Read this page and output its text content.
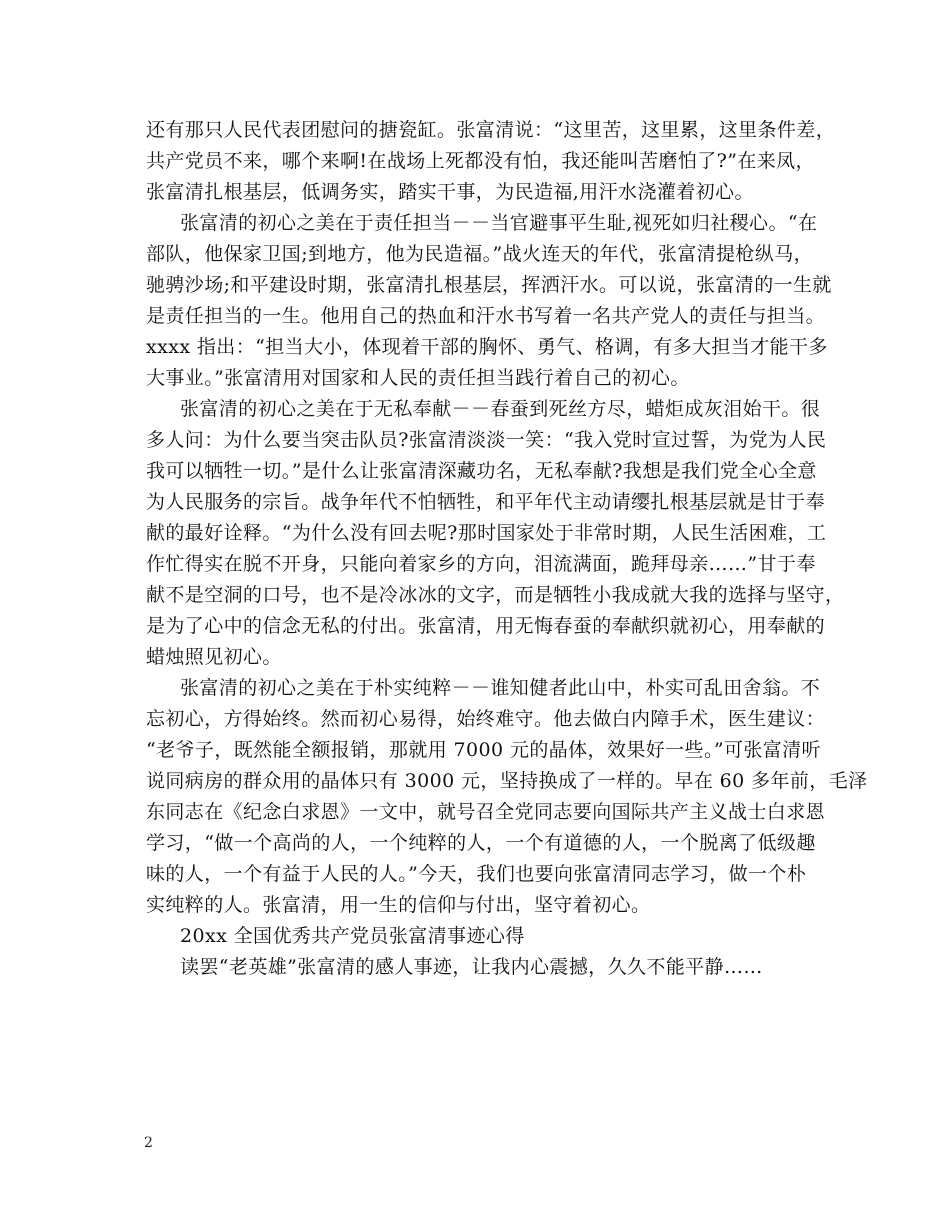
还有那只人民代表团慰问的搪瓷缸。张富清说：“这里苦，这里累，这里条件差，
共产党员不来，哪个来啊!在战场上死都没有怕，我还能叫苦磨怕了?”在来凤，
张富清扎根基层，低调务实，踏实干事，为民造福,用汗水浇灌着初心。
张富清的初心之美在于责任担当－－当官避事平生耻,视死如归社稷心。“在
部队，他保家卫国;到地方，他为民造福。”战火连天的年代，张富清提枪纵马，
驰骋沙场;和平建设时期，张富清扎根基层，挥洒汗水。可以说，张富清的一生就
是责任担当的一生。他用自己的热血和汗水书写着一名共产党人的责任与担当。
xxxx 指出：“担当大小，体现着干部的胸怀、勇气、格调，有多大担当才能干多
大事业。”张富清用对国家和人民的责任担当践行着自己的初心。
张富清的初心之美在于无私奉献－－春蚕到死丝方尽，蜡炬成灰泪始干。很
多人问：为什么要当突击队员?张富清淡淡一笑：“我入党时宣过誓，为党为人民
我可以牺牲一切。”是什么让张富清深藏功名，无私奉献?我想是我们党全心全意
为人民服务的宗旨。战争年代不怕牺牲，和平年代主动请缨扎根基层就是甘于奉
献的最好诠释。“为什么没有回去呢?那时国家处于非常时期，人民生活困难，工
作忙得实在脱不开身，只能向着家乡的方向，泪流满面，跪拜母亲……”甘于奉
献不是空洞的口号，也不是冷冰冰的文字，而是牺牲小我成就大我的选择与坚守，
是为了心中的信念无私的付出。张富清，用无悔春蚕的奉献织就初心，用奉献的
蜡烛照见初心。
张富清的初心之美在于朴实纯粹－－谁知健者此山中，朴实可乱田舍翁。不
忘初心，方得始终。然而初心易得，始终难守。他去做白内障手术，医生建议：
“老爷子，既然能全额报销，那就用 7000 元的晶体，效果好一些。”可张富清听
说同病房的群众用的晶体只有 3000 元，坚持换成了一样的。早在 60 多年前，毛泽
东同志在《纪念白求恩》一文中，就号召全党同志要向国际共产主义战士白求恩
学习，“做一个高尚的人，一个纯粹的人，一个有道德的人，一个脱离了低级趣
味的人，一个有益于人民的人。”今天，我们也要向张富清同志学习，做一个朴
实纯粹的人。张富清，用一生的信仰与付出，坚守着初心。
20xx 全国优秀共产党员张富清事迹心得
读罢“老英雄”张富清的感人事迹，让我内心震撼，久久不能平静……
2
